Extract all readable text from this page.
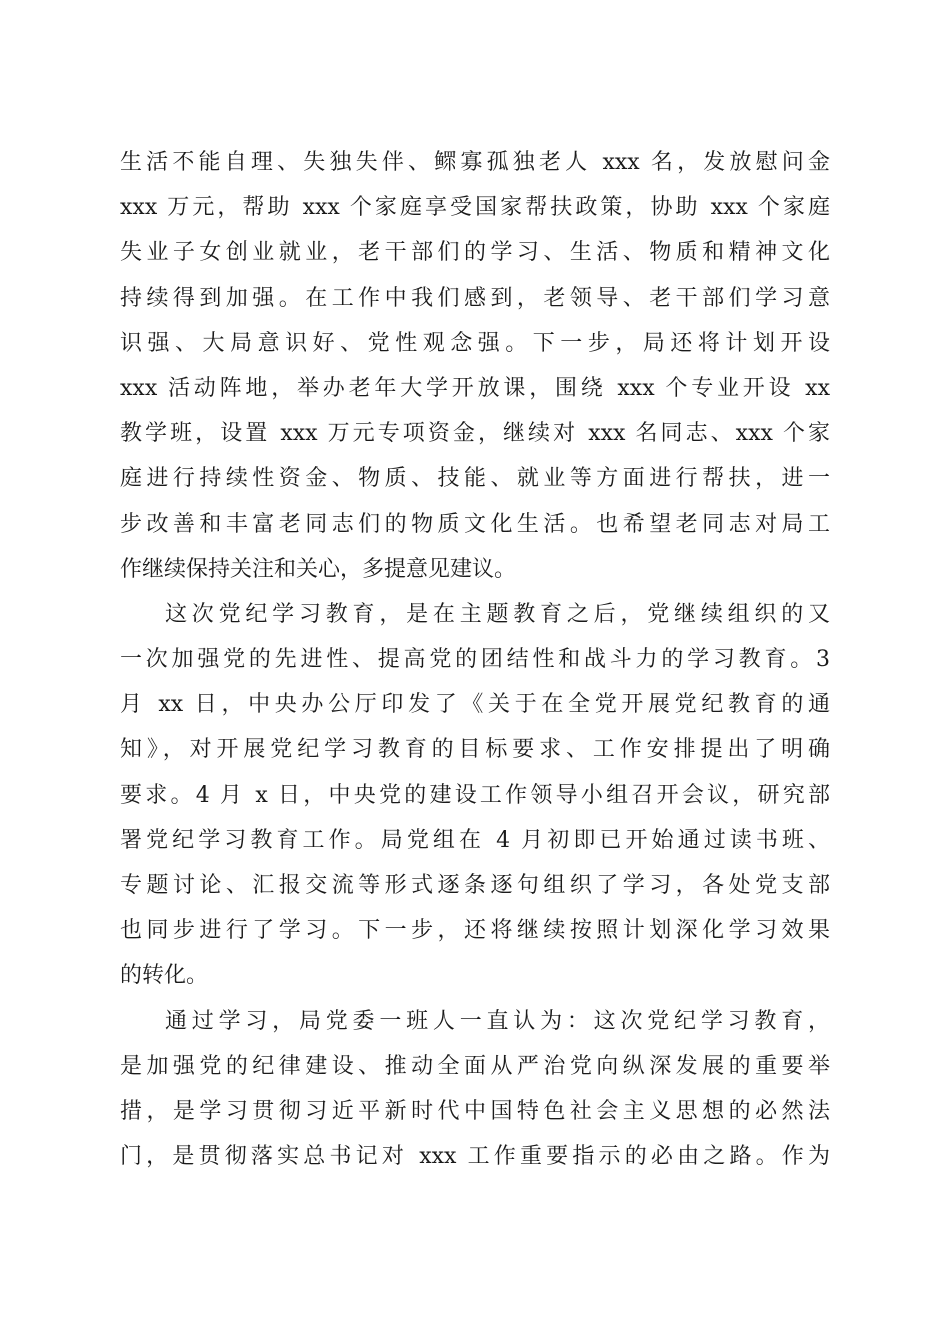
生活不能自理、失独失伴、鳏寡孤独老人 xxx 名，发放慰问金
xxx 万元，帮助 xxx 个家庭享受国家帮扶政策，协助 xxx 个家庭
失业子女创业就业，老干部们的学习、生活、物质和精神文化
持续得到加强。在工作中我们感到，老领导、老干部们学习意
识强、大局意识好、党性观念强。下一步，局还将计划开设
xxx 活动阵地，举办老年大学开放课，围绕 xxx 个专业开设 xx
教学班，设置 xxx 万元专项资金，继续对 xxx 名同志、xxx 个家
庭进行持续性资金、物质、技能、就业等方面进行帮扶，进一
步改善和丰富老同志们的物质文化生活。也希望老同志对局工
作继续保持关注和关心，多提意见建议。
这次党纪学习教育，是在主题教育之后，党继续组织的又
一次加强党的先进性、提高党的团结性和战斗力的学习教育。3
月 xx 日，中央办公厅印发了《关于在全党开展党纪教育的通
知》，对开展党纪学习教育的目标要求、工作安排提出了明确
要求。4 月 x 日，中央党的建设工作领导小组召开会议，研究部
署党纪学习教育工作。局党组在 4 月初即已开始通过读书班、
专题讨论、汇报交流等形式逐条逐句组织了学习，各处党支部
也同步进行了学习。下一步，还将继续按照计划深化学习效果
的转化。
通过学习，局党委一班人一直认为：这次党纪学习教育，
是加强党的纪律建设、推动全面从严治党向纵深发展的重要举
措，是学习贯彻习近平新时代中国特色社会主义思想的必然法
门，是贯彻落实总书记对 xxx 工作重要指示的必由之路。作为
